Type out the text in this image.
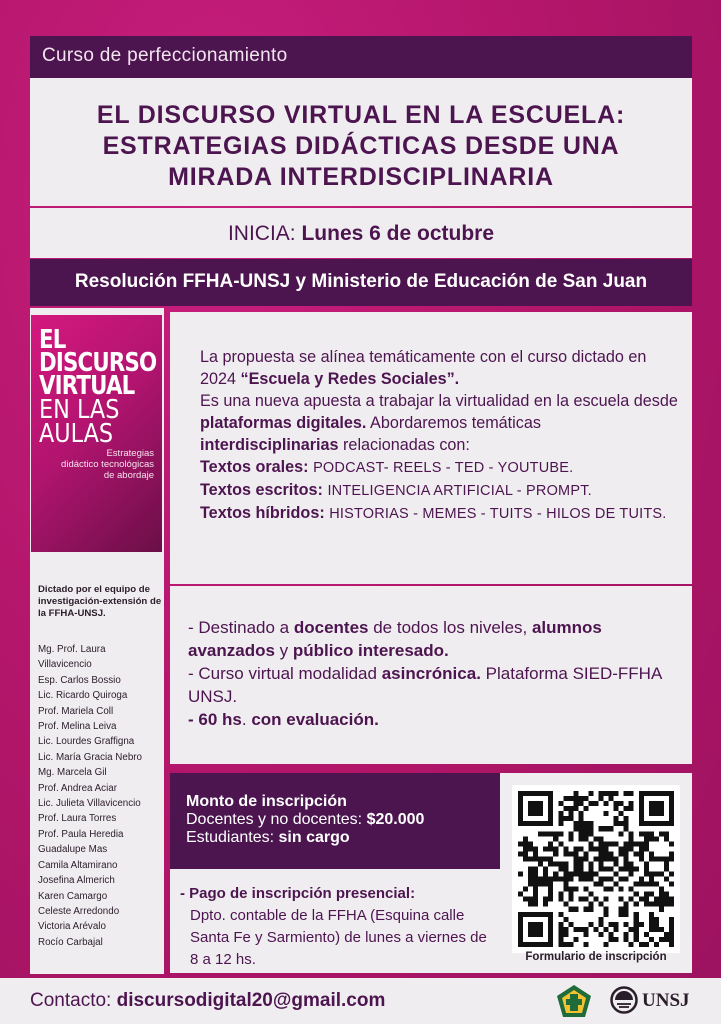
Curso de perfeccionamiento
EL DISCURSO VIRTUAL EN LA ESCUELA:
ESTRATEGIAS DIDÁCTICAS DESDE UNA
MIRADA INTERDISCIPLINARIA
INICIA: Lunes 6 de octubre
Resolución FFHA-UNSJ y Ministerio de Educación de San Juan
EL
DISCURSO
VIRTUAL
EN LAS
AULAS
Estrategias
didáctico tecnológicas
de abordaje
Dictado por el equipo de investigación-extensión de la FFHA-UNSJ.
Mg. Prof. Laura
Villavicencio
Esp. Carlos Bossio
Lic. Ricardo Quiroga
Prof. Mariela Coll
Prof. Melina Leiva
Lic. Lourdes Graffigna
Lic. María Gracia Nebro
Mg. Marcela Gil
Prof. Andrea Aciar
Lic. Julieta Villavicencio
Prof. Laura Torres
Prof. Paula Heredia
Guadalupe Mas
Camila Altamirano
Josefina Almerich
Karen Camargo
Celeste Arredondo
Victoria Arévalo
Rocío Carbajal

La propuesta se alínea temáticamente con el curso dictado en 2024 “Escuela y Redes Sociales”.

Es una nueva apuesta a trabajar la virtualidad en la escuela desde plataformas digitales. Abordaremos temáticas interdisciplinarias relacionadas con:

Textos orales: PODCAST- REELS - TED - YOUTUBE.

Textos escritos: INTELIGENCIA ARTIFICIAL - PROMPT.

Textos híbridos: HISTORIAS - MEMES - TUITS - HILOS DE TUITS.

- Destinado a docentes de todos los niveles, alumnos avanzados y público interesado.
- Curso virtual modalidad asincrónica. Plataforma SIED-FFHA UNSJ.
- 60 hs. con evaluación.
Monto de inscripción
Docentes y no docentes: $20.000
Estudiantes: sin cargo
- Pago de inscripción presencial:
Dpto. contable de la FFHA (Esquina calle Santa Fe y Sarmiento) de lunes a viernes de 8 a 12 hs.	Formulario de inscripción
Contacto: discursodigital20@gmail.com	UNSJ
